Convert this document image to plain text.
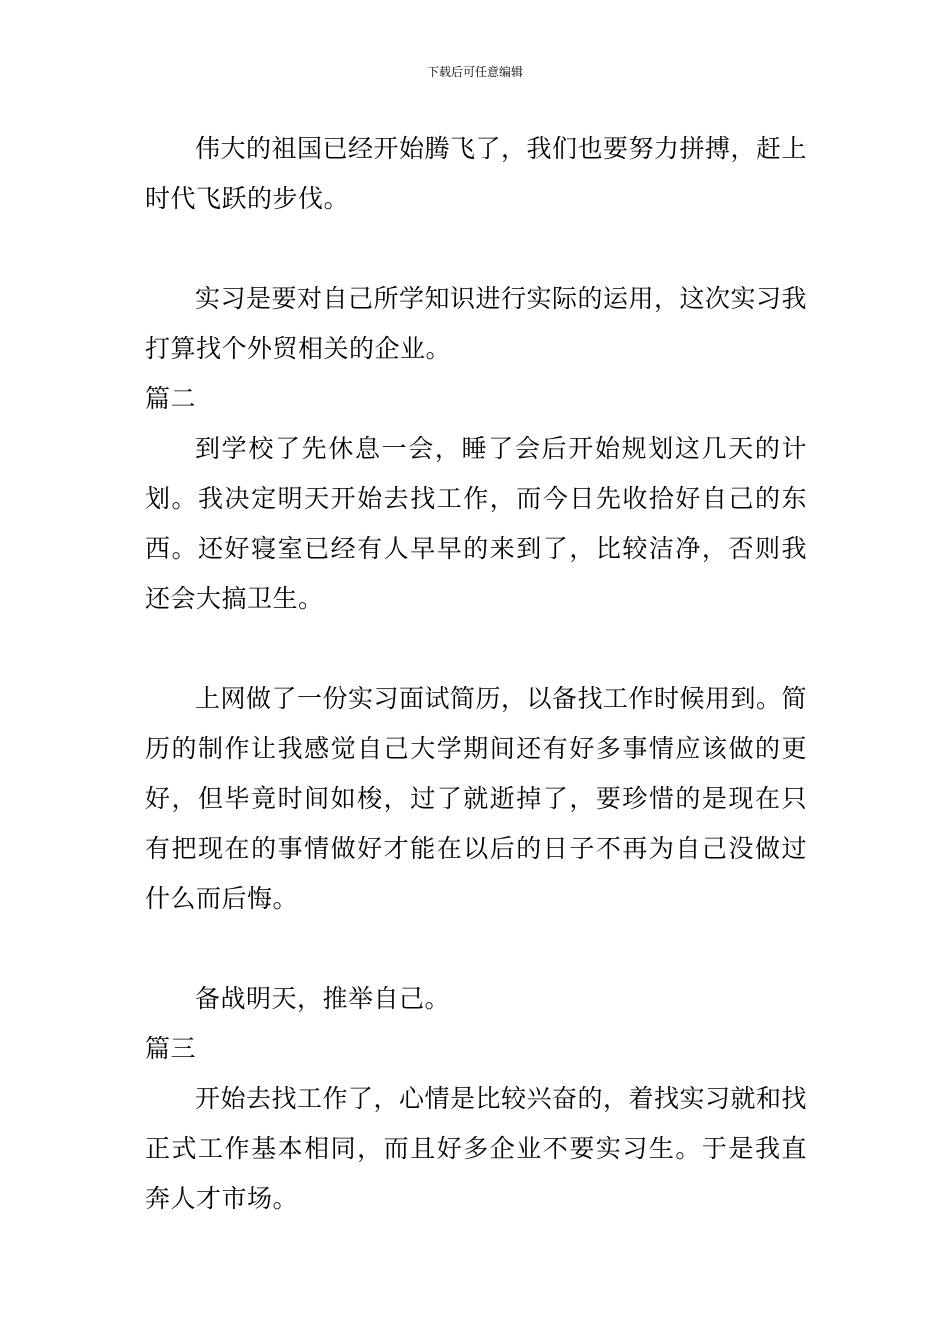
下载后可任意编辑

伟大的祖国已经开始腾飞了，我们也要努力拼搏，赶上时代飞跃的步伐。

实习是要对自己所学知识进行实际的运用，这次实习我打算找个外贸相关的企业。

篇二

到学校了先休息一会，睡了会后开始规划这几天的计划。我决定明天开始去找工作，而今日先收拾好自己的东西。还好寝室已经有人早早的来到了，比较洁净，否则我还会大搞卫生。

上网做了一份实习面试简历，以备找工作时候用到。简历的制作让我感觉自己大学期间还有好多事情应该做的更好，但毕竟时间如梭，过了就逝掉了，要珍惜的是现在只有把现在的事情做好才能在以后的日子不再为自己没做过什么而后悔。

备战明天，推举自己。

篇三

开始去找工作了，心情是比较兴奋的，着找实习就和找正式工作基本相同，而且好多企业不要实习生。于是我直奔人才市场。
